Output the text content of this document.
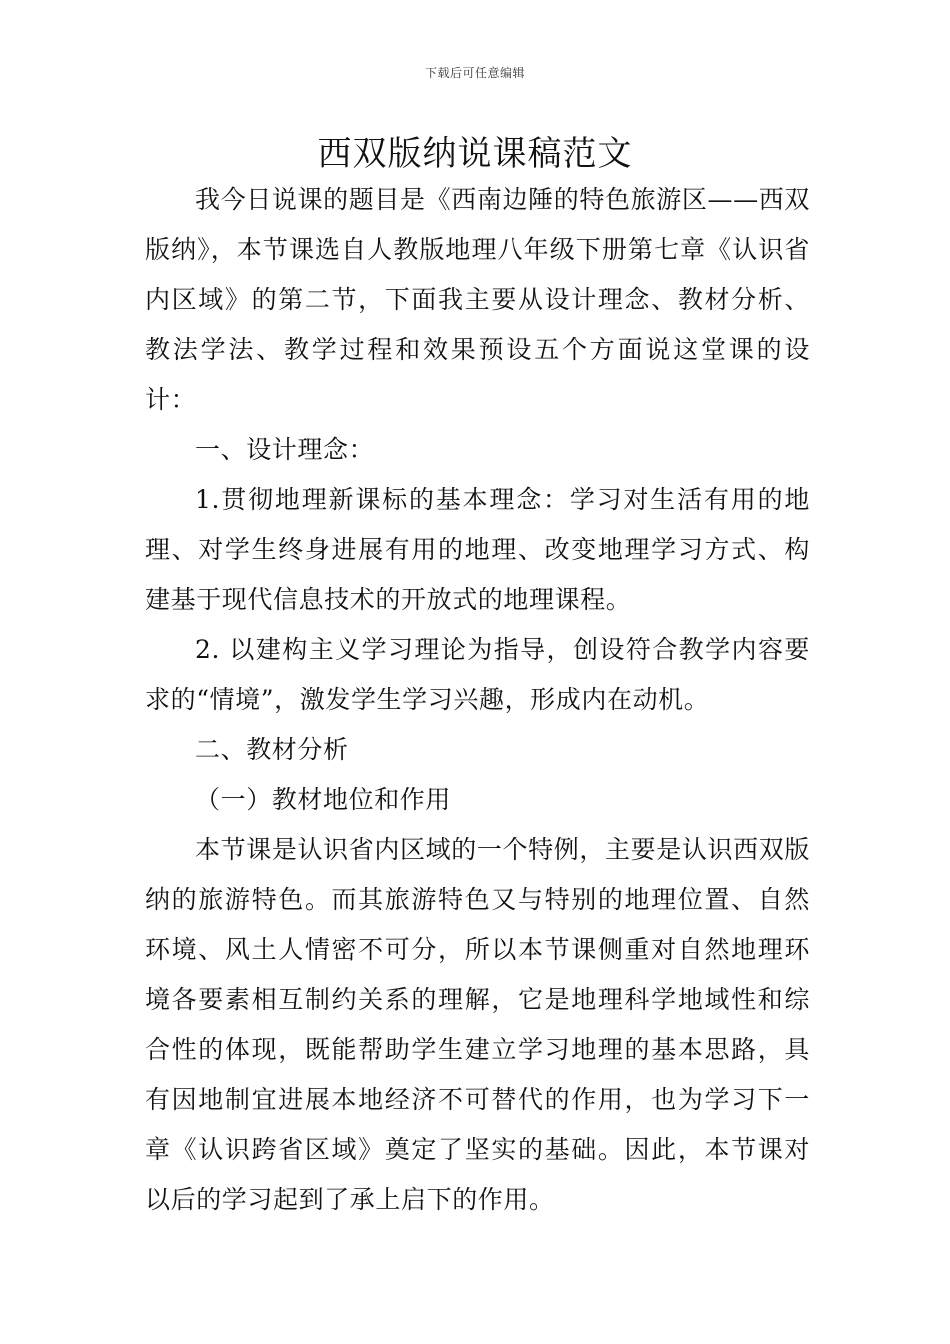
下载后可任意编辑
西双版纳说课稿范文

我今日说课的题目是《西南边陲的特色旅游区——西双版纳》，本节课选自人教版地理八年级下册第七章《认识省内区域》的第二节，下面我主要从设计理念、教材分析、教法学法、教学过程和效果预设五个方面说这堂课的设计：

一、设计理念：

1.贯彻地理新课标的基本理念：学习对生活有用的地理、对学生终身进展有用的地理、改变地理学习方式、构建基于现代信息技术的开放式的地理课程。

2. 以建构主义学习理论为指导，创设符合教学内容要求的“情境”，激发学生学习兴趣，形成内在动机。

二、教材分析

（一）教材地位和作用

本节课是认识省内区域的一个特例，主要是认识西双版纳的旅游特色。而其旅游特色又与特别的地理位置、自然环境、风土人情密不可分，所以本节课侧重对自然地理环境各要素相互制约关系的理解，它是地理科学地域性和综合性的体现，既能帮助学生建立学习地理的基本思路，具有因地制宜进展本地经济不可替代的作用，也为学习下一章《认识跨省区域》奠定了坚实的基础。因此，本节课对以后的学习起到了承上启下的作用。
